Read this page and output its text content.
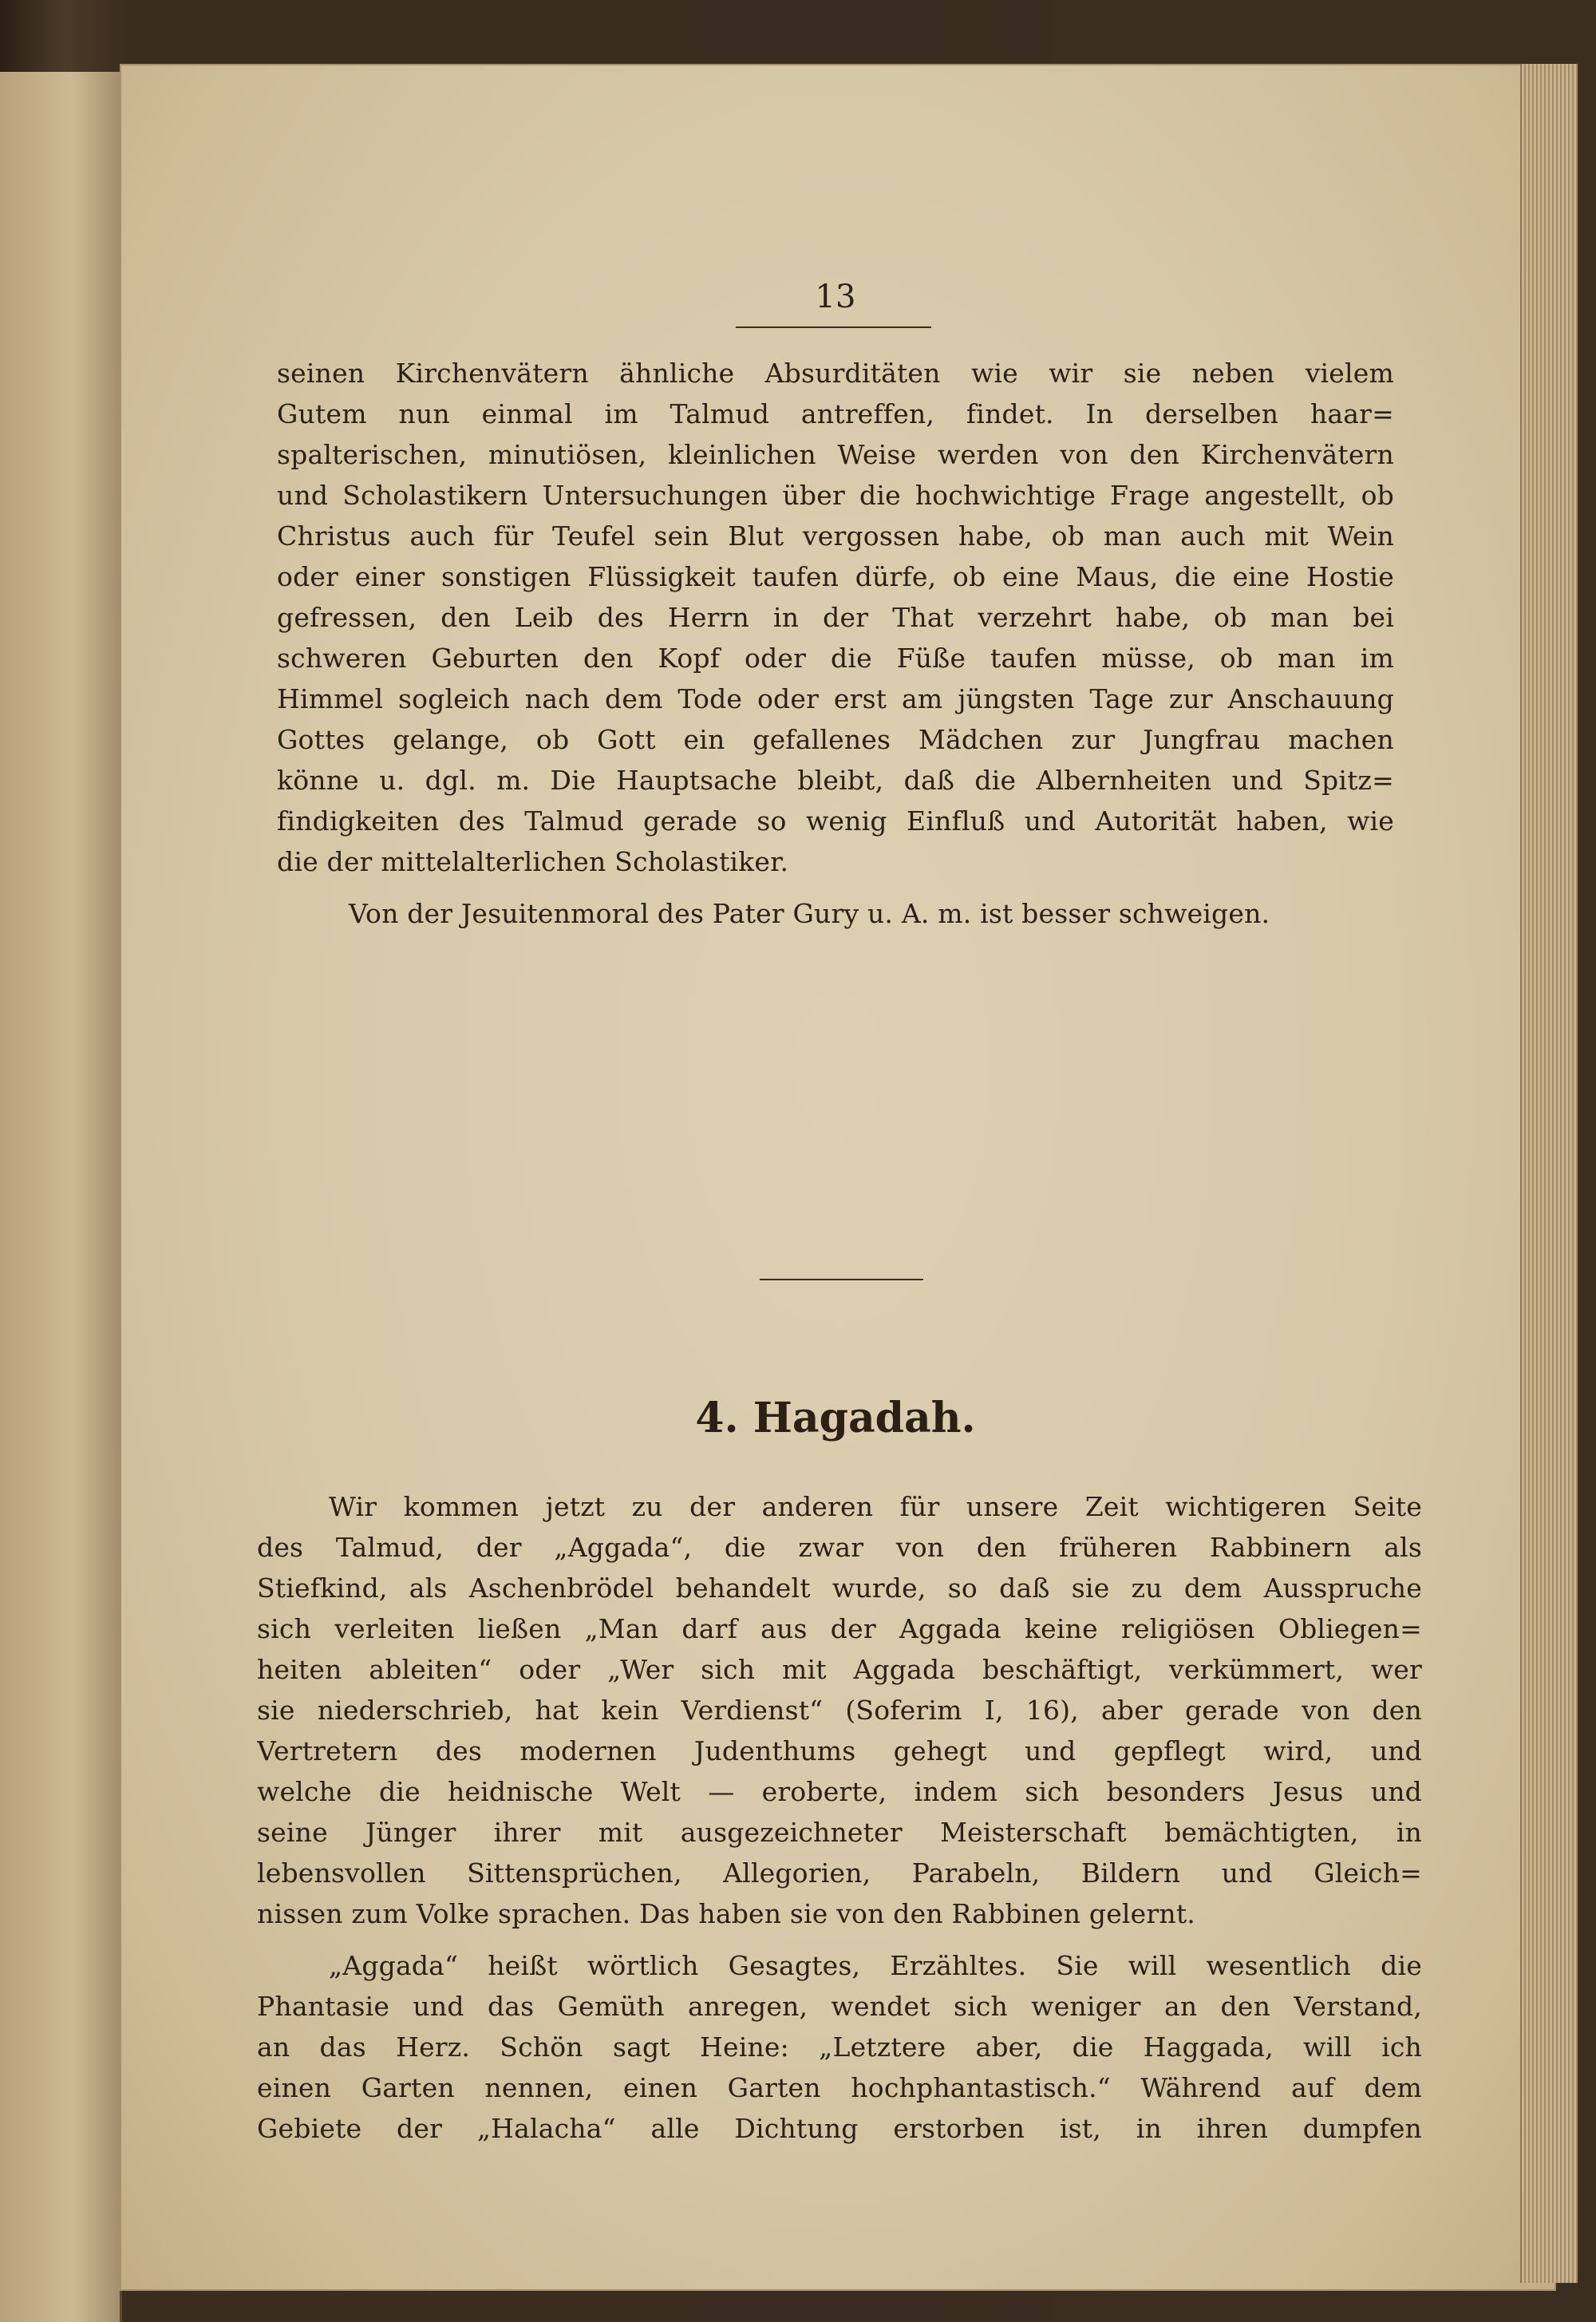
13
seinen Kirchenvätern ähnliche Absurditäten wie wir sie neben vielem
Gutem nun einmal im Talmud antreffen, findet. In derselben haar=
spalterischen, minutiösen, kleinlichen Weise werden von den Kirchenvätern
und Scholastikern Untersuchungen über die hochwichtige Frage angestellt, ob
Christus auch für Teufel sein Blut vergossen habe, ob man auch mit Wein
oder einer sonstigen Flüssigkeit taufen dürfe, ob eine Maus, die eine Hostie
gefressen, den Leib des Herrn in der That verzehrt habe, ob man bei
schweren Geburten den Kopf oder die Füße taufen müsse, ob man im
Himmel sogleich nach dem Tode oder erst am jüngsten Tage zur Anschauung
Gottes gelange, ob Gott ein gefallenes Mädchen zur Jungfrau machen
könne u. dgl. m. Die Hauptsache bleibt, daß die Albernheiten und Spitz=
findigkeiten des Talmud gerade so wenig Einfluß und Autorität haben, wie
die der mittelalterlichen Scholastiker.
Von der Jesuitenmoral des Pater Gury u. A. m. ist besser schweigen.
4. Hagadah.
Wir kommen jetzt zu der anderen für unsere Zeit wichtigeren Seite
des Talmud, der „Aggada“, die zwar von den früheren Rabbinern als
Stiefkind, als Aschenbrödel behandelt wurde, so daß sie zu dem Ausspruche
sich verleiten ließen „Man darf aus der Aggada keine religiösen Obliegen=
heiten ableiten“ oder „Wer sich mit Aggada beschäftigt, verkümmert, wer
sie niederschrieb, hat kein Verdienst“ (Soferim I, 16), aber gerade von den
Vertretern des modernen Judenthums gehegt und gepflegt wird, und
welche die heidnische Welt — eroberte, indem sich besonders Jesus und
seine Jünger ihrer mit ausgezeichneter Meisterschaft bemächtigten, in
lebensvollen Sittensprüchen, Allegorien, Parabeln, Bildern und Gleich=
nissen zum Volke sprachen. Das haben sie von den Rabbinen gelernt.
„Aggada“ heißt wörtlich Gesagtes, Erzähltes. Sie will wesentlich die
Phantasie und das Gemüth anregen, wendet sich weniger an den Verstand,
an das Herz. Schön sagt Heine: „Letztere aber, die Haggada, will ich
einen Garten nennen, einen Garten hochphantastisch.“ Während auf dem
Gebiete der „Halacha“ alle Dichtung erstorben ist, in ihren dumpfen
